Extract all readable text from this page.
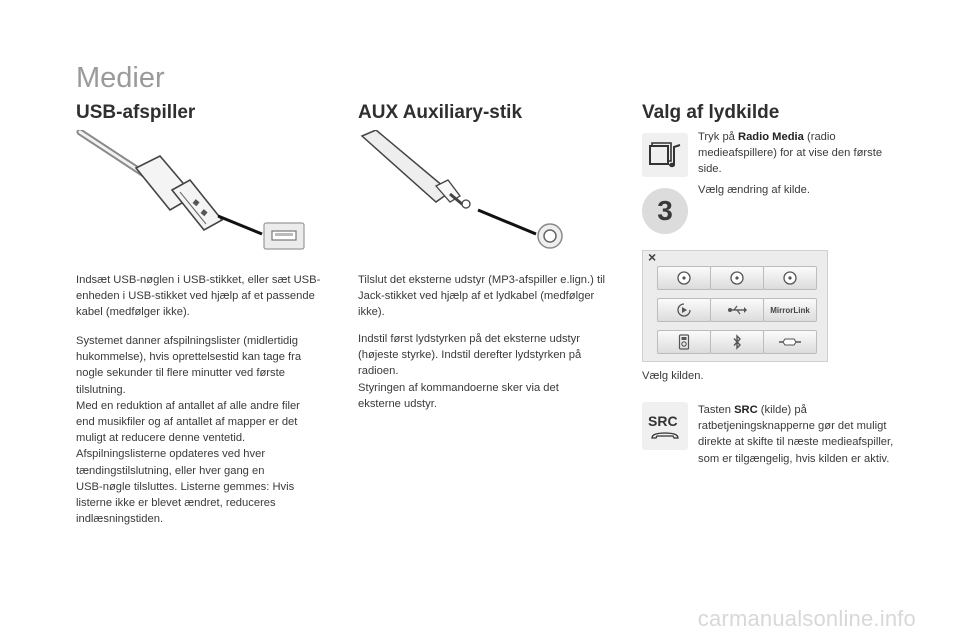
Medier
USB-afspiller	AUX Auxiliary-stik	Valg af lydkilde

Indsæt USB-nøglen i USB-stikket, eller sæt USB-enheden i USB-stikket ved hjælp af et passende kabel (medfølger ikke).

Systemet danner afspilningslister (midlertidig

hukommelse), hvis oprettelsestid kan tage fra

nogle sekunder til flere minutter ved første

tilslutning.

Med en reduktion af antallet af alle andre filer

end musikfiler og af antallet af mapper er det

muligt at reducere denne ventetid.

Afspilningslisterne opdateres ved hver

tændingstilslutning, eller hver gang en

USB-nøgle tilsluttes. Listerne gemmes: Hvis

listerne ikke er blevet ændret, reduceres

indlæsningstiden.

Tilslut det eksterne udstyr (MP3-afspiller e.lign.) til Jack-stikket ved hjælp af et lydkabel (medfølger ikke).

Indstil først lydstyrken på det eksterne udstyr

(højeste styrke). Indstil derefter lydstyrken på

radioen.

Styringen af kommandoerne sker via det

eksterne udstyr.

Tryk på Radio Media (radio medieafspillere) for at vise den første side.

3

Vælg ændring af kilde.

×
MirrorLink

Vælg kilden.

SRC

Tasten SRC (kilde) på ratbetjeningsknapperne gør det muligt direkte at skifte til næste medieafspiller, som er tilgængelig, hvis kilden er aktiv.

carmanualsonline.info
